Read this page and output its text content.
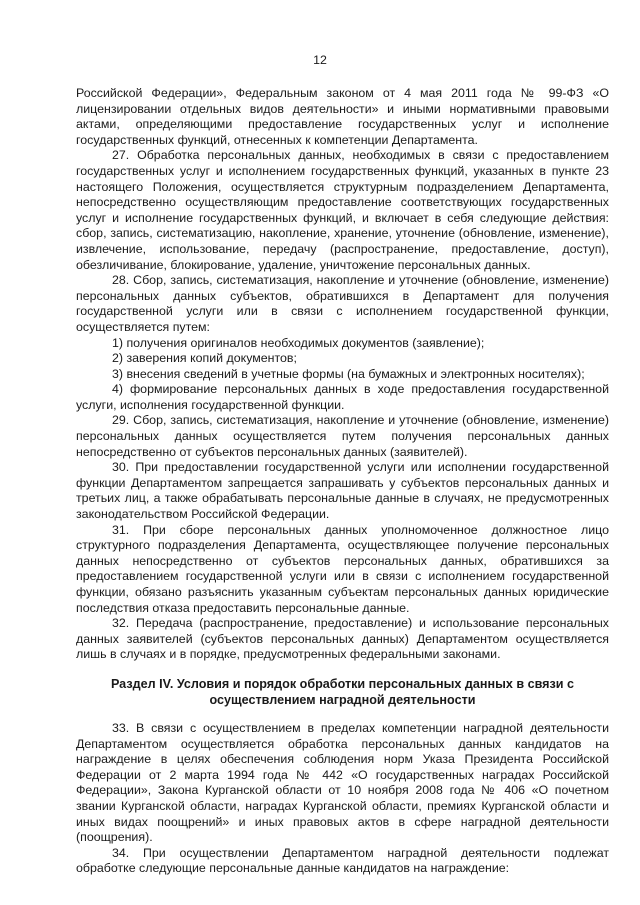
12

Российской Федерации», Федеральным законом от 4 мая 2011 года № 99-ФЗ «О лицензировании отдельных видов деятельности» и иными нормативными правовыми актами, определяющими предоставление государственных услуг и исполнение государственных функций, отнесенных к компетенции Департамента.

27. Обработка персональных данных, необходимых в связи с предоставлением государственных услуг и исполнением государственных функций, указанных в пункте 23 настоящего Положения, осуществляется структурным подразделением Департамента, непосредственно осуществляющим предоставление соответствующих государственных услуг и исполнение государственных функций, и включает в себя следующие действия: сбор, запись, систематизацию, накопление, хранение, уточнение (обновление, изменение), извлечение, использование, передачу (распространение, предоставление, доступ), обезличивание, блокирование, удаление, уничтожение персональных данных.

28. Сбор, запись, систематизация, накопление и уточнение (обновление, изменение) персональных данных субъектов, обратившихся в Департамент для получения государственной услуги или в связи с исполнением государственной функции, осуществляется путем:

1) получения оригиналов необходимых документов (заявление);

2) заверения копий документов;

3) внесения сведений в учетные формы (на бумажных и электронных носителях);

4) формирование персональных данных в ходе предоставления государственной услуги, исполнения государственной функции.

29. Сбор, запись, систематизация, накопление и уточнение (обновление, изменение) персональных данных осуществляется путем получения персональных данных непосредственно от субъектов персональных данных (заявителей).

30. При предоставлении государственной услуги или исполнении государственной функции Департаментом запрещается запрашивать у субъектов персональных данных и третьих лиц, а также обрабатывать персональные данные в случаях, не предусмотренных законодательством Российской Федерации.

31. При сборе персональных данных уполномоченное должностное лицо структурного подразделения Департамента, осуществляющее получение персональных данных непосредственно от субъектов персональных данных, обратившихся за предоставлением государственной услуги или в связи с исполнением государственной функции, обязано разъяснить указанным субъектам персональных данных юридические последствия отказа предоставить персональные данные.

32. Передача (распространение, предоставление) и использование персональных данных заявителей (субъектов персональных данных) Департаментом осуществляется лишь в случаях и в порядке, предусмотренных федеральными законами.

Раздел IV. Условия и порядок обработки персональных данных в связи с осуществлением наградной деятельности

33. В связи с осуществлением в пределах компетенции наградной деятельности Департаментом осуществляется обработка персональных данных кандидатов на награждение в целях обеспечения соблюдения норм Указа Президента Российской Федерации от 2 марта 1994 года № 442 «О государственных наградах Российской Федерации», Закона Курганской области от 10 ноября 2008 года № 406 «О почетном звании Курганской области, наградах Курганской области, премиях Курганской области и иных видах поощрений» и иных правовых актов в сфере наградной деятельности (поощрения).

34. При осуществлении Департаментом наградной деятельности подлежат обработке следующие персональные данные кандидатов на награждение:
